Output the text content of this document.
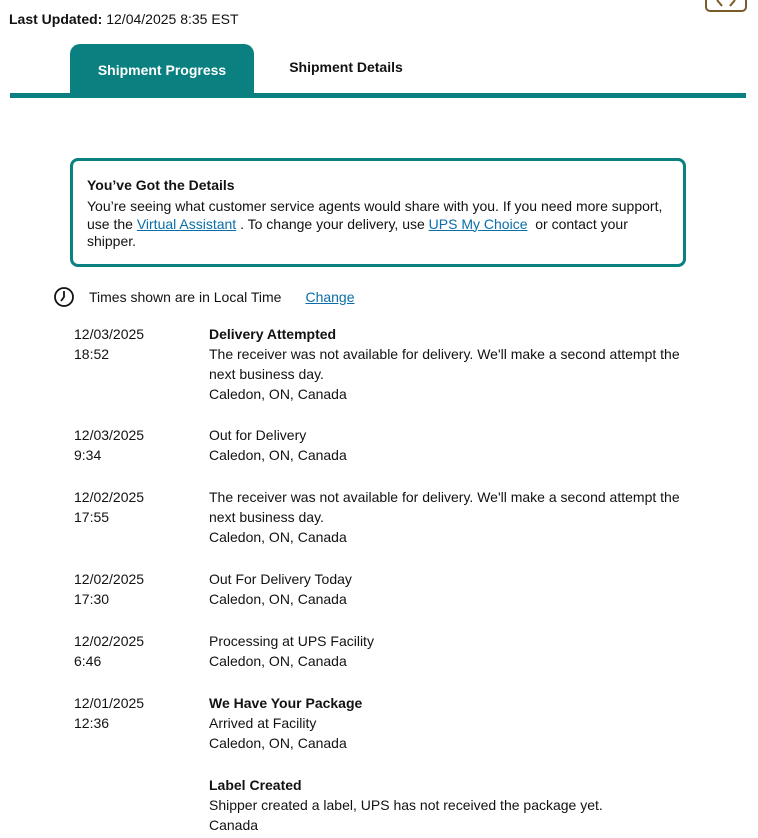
Last Updated: 12/04/2025 8:35 EST
Shipment Progress	Shipment Details
You’ve Got the Details

You’re seeing what customer service agents would share with you. If you need more support, use the Virtual Assistant . To change your delivery, use UPS My Choice or contact your shipper.

Times shown are in Local Time Change
12/03/2025
18:52
Delivery Attempted
The receiver was not available for delivery. We'll make a second attempt the next business day.
Caledon, ON, Canada
12/03/2025
9:34
Out for Delivery
Caledon, ON, Canada
12/02/2025
17:55
The receiver was not available for delivery. We'll make a second attempt the next business day.
Caledon, ON, Canada
12/02/2025
17:30
Out For Delivery Today
Caledon, ON, Canada
12/02/2025
6:46
Processing at UPS Facility
Caledon, ON, Canada
12/01/2025
12:36
We Have Your Package
Arrived at Facility
Caledon, ON, Canada
Label Created
Shipper created a label, UPS has not received the package yet.
Canada
